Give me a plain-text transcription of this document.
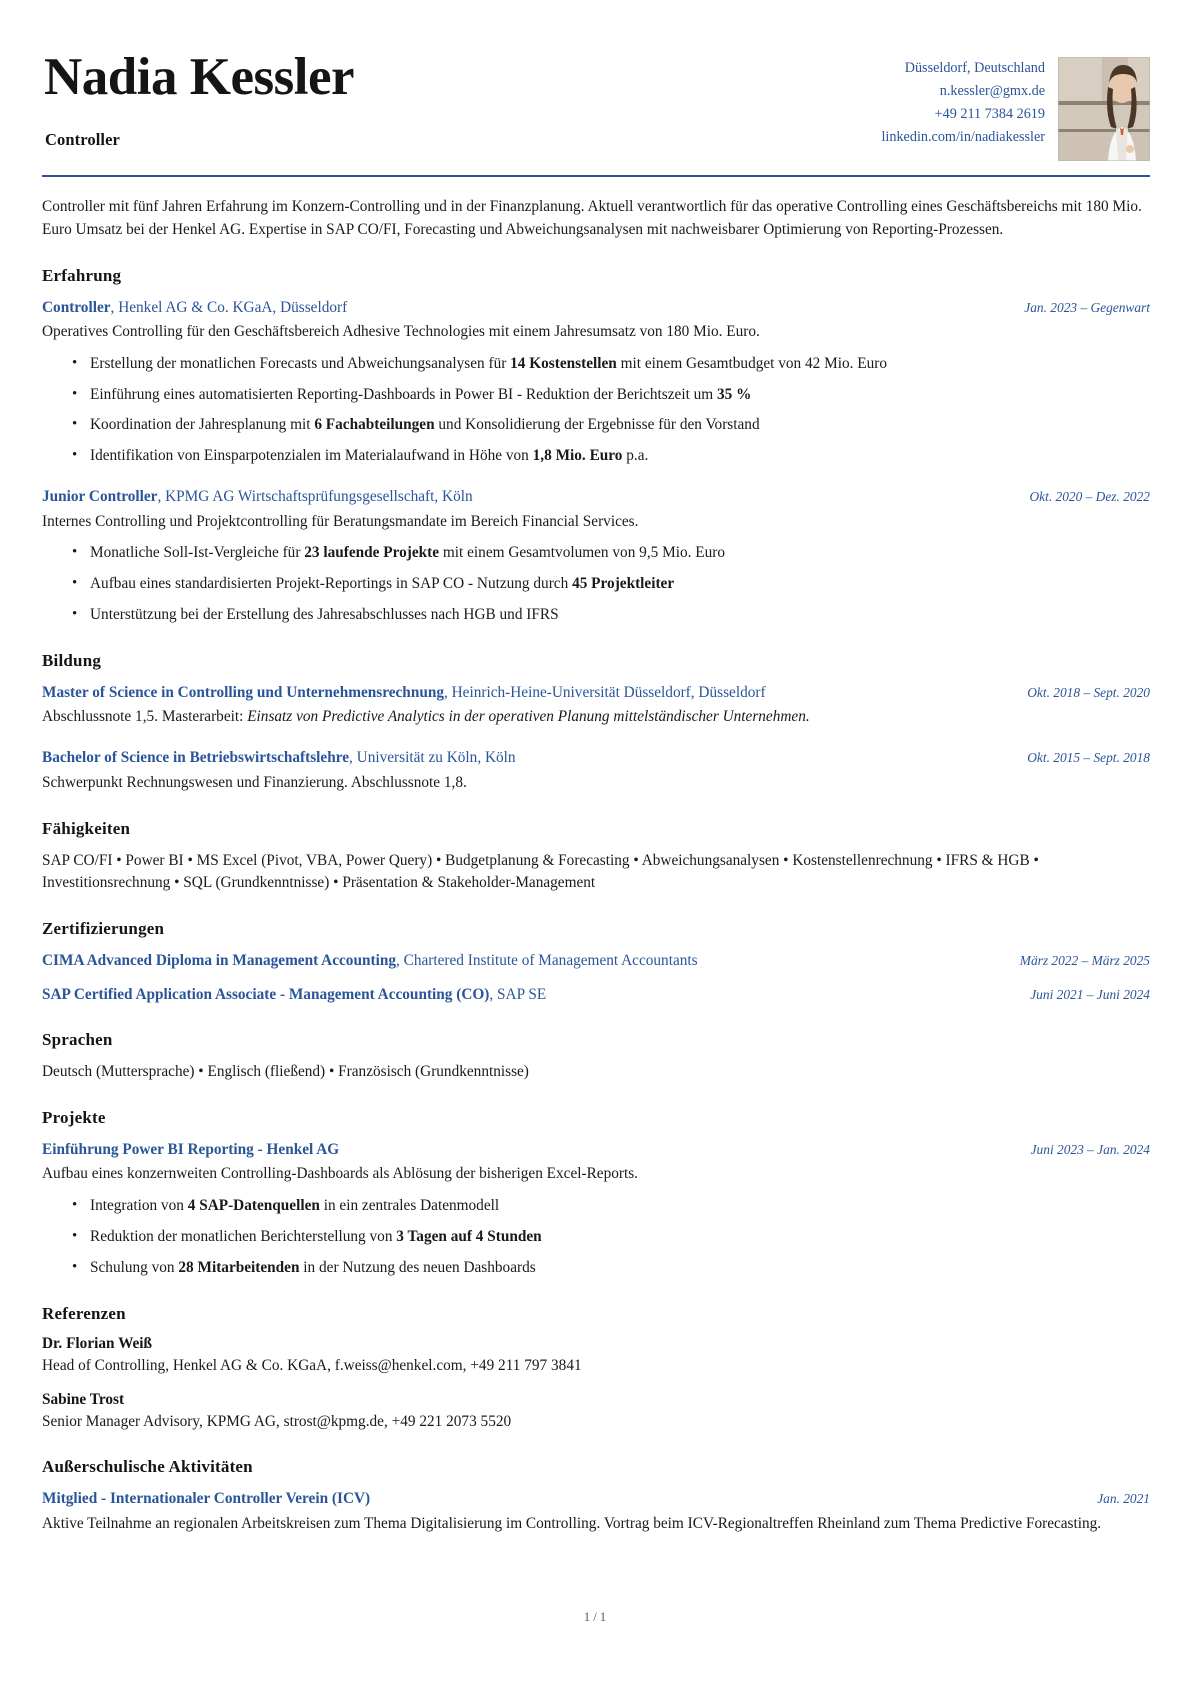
Nadia Kessler
Controller
Düsseldorf, Deutschland
n.kessler@gmx.de
+49 211 7384 2619
linkedin.com/in/nadiakessler

Controller mit fünf Jahren Erfahrung im Konzern-Controlling und in der Finanzplanung. Aktuell verantwortlich für das operative Controlling eines Geschäftsbereichs mit 180 Mio. Euro Umsatz bei der Henkel AG. Expertise in SAP CO/FI, Forecasting und Abweichungsanalysen mit nachweisbarer Optimierung von Reporting-Prozessen.

Erfahrung
Controller, Henkel AG & Co. KGaA, Düsseldorf	Jan. 2023 – Gegenwart

Operatives Controlling für den Geschäftsbereich Adhesive Technologies mit einem Jahresumsatz von 180 Mio. Euro.

• Erstellung der monatlichen Forecasts und Abweichungsanalysen für 14 Kostenstellen mit einem Gesamtbudget von 42 Mio. Euro
• Einführung eines automatisierten Reporting-Dashboards in Power BI - Reduktion der Berichtszeit um 35 %
• Koordination der Jahresplanung mit 6 Fachabteilungen und Konsolidierung der Ergebnisse für den Vorstand
• Identifikation von Einsparpotenzialen im Materialaufwand in Höhe von 1,8 Mio. Euro p.a.
Junior Controller, KPMG AG Wirtschaftsprüfungsgesellschaft, Köln	Okt. 2020 – Dez. 2022

Internes Controlling und Projektcontrolling für Beratungsmandate im Bereich Financial Services.

• Monatliche Soll-Ist-Vergleiche für 23 laufende Projekte mit einem Gesamtvolumen von 9,5 Mio. Euro
• Aufbau eines standardisierten Projekt-Reportings in SAP CO - Nutzung durch 45 Projektleiter
• Unterstützung bei der Erstellung des Jahresabschlusses nach HGB und IFRS
Bildung
Master of Science in Controlling und Unternehmensrechnung, Heinrich-Heine-Universität Düsseldorf, Düsseldorf	Okt. 2018 – Sept. 2020

Abschlussnote 1,5. Masterarbeit: Einsatz von Predictive Analytics in der operativen Planung mittelständischer Unternehmen.

Bachelor of Science in Betriebswirtschaftslehre, Universität zu Köln, Köln	Okt. 2015 – Sept. 2018

Schwerpunkt Rechnungswesen und Finanzierung. Abschlussnote 1,8.

Fähigkeiten

SAP CO/FI • Power BI • MS Excel (Pivot, VBA, Power Query) • Budgetplanung & Forecasting • Abweichungsanalysen • Kostenstellenrechnung • IFRS & HGB • Investitionsrechnung • SQL (Grundkenntnisse) • Präsentation & Stakeholder-Management

Zertifizierungen
CIMA Advanced Diploma in Management Accounting, Chartered Institute of Management Accountants	März 2022 – März 2025
SAP Certified Application Associate - Management Accounting (CO), SAP SE	Juni 2021 – Juni 2024
Sprachen

Deutsch (Muttersprache) • Englisch (fließend) • Französisch (Grundkenntnisse)

Projekte
Einführung Power BI Reporting - Henkel AG	Juni 2023 – Jan. 2024

Aufbau eines konzernweiten Controlling-Dashboards als Ablösung der bisherigen Excel-Reports.

• Integration von 4 SAP-Datenquellen in ein zentrales Datenmodell
• Reduktion der monatlichen Berichterstellung von 3 Tagen auf 4 Stunden
• Schulung von 28 Mitarbeitenden in der Nutzung des neuen Dashboards
Referenzen

Dr. Florian Weiß

Head of Controlling, Henkel AG & Co. KGaA, f.weiss@henkel.com, +49 211 797 3841

Sabine Trost

Senior Manager Advisory, KPMG AG, strost@kpmg.de, +49 221 2073 5520

Außerschulische Aktivitäten
Mitglied - Internationaler Controller Verein (ICV)	Jan. 2021

Aktive Teilnahme an regionalen Arbeitskreisen zum Thema Digitalisierung im Controlling. Vortrag beim ICV-Regionaltreffen Rheinland zum Thema Predictive Forecasting.

1 / 1
